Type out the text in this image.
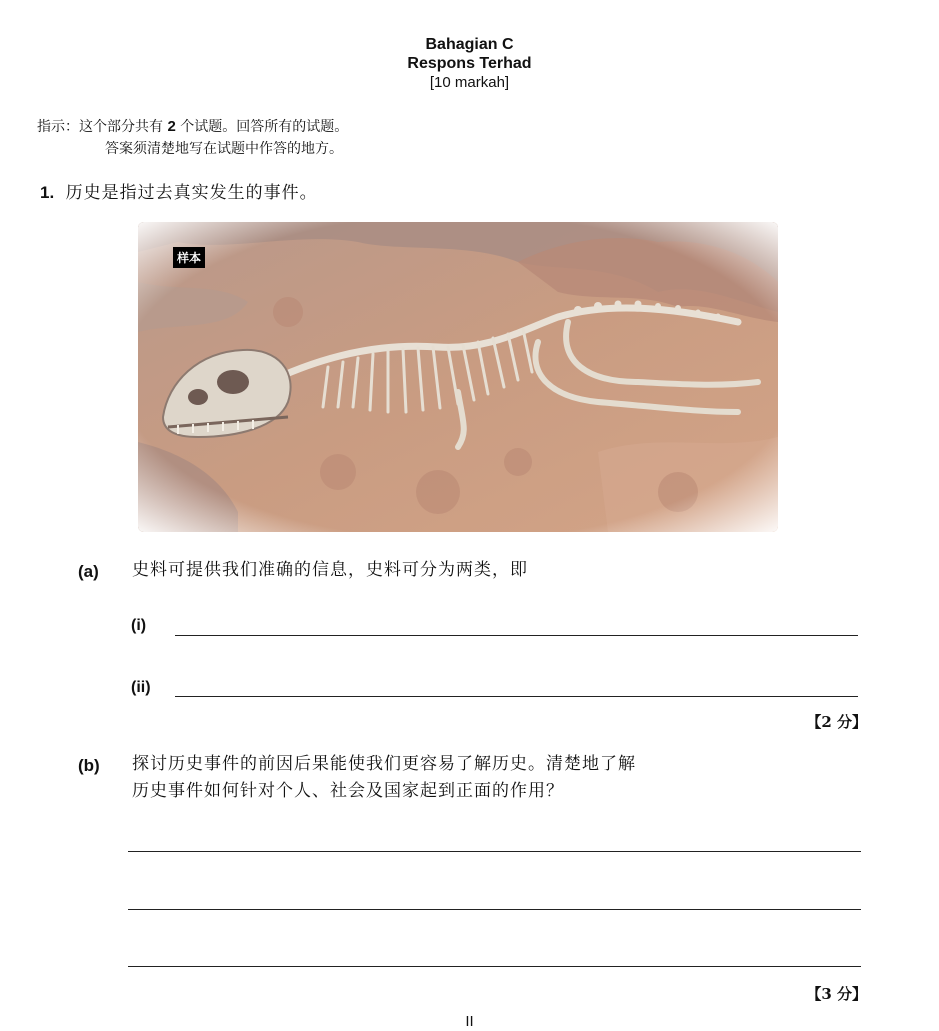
Bahagian C
Respons Terhad
[10 markah]
指示：这个部分共有 2 个试题。回答所有的试题。
答案须清楚地写在试题中作答的地方。
1. 历史是指过去真实发生的事件。
样本
(a) 史料可提供我们准确的信息，史料可分为两类，即
(i)
(ii)
【2 分】
(b) 探讨历史事件的前因后果能使我们更容易了解历史。清楚地了解
历史事件如何针对个人、社会及国家起到正面的作用？
【3 分】
II
